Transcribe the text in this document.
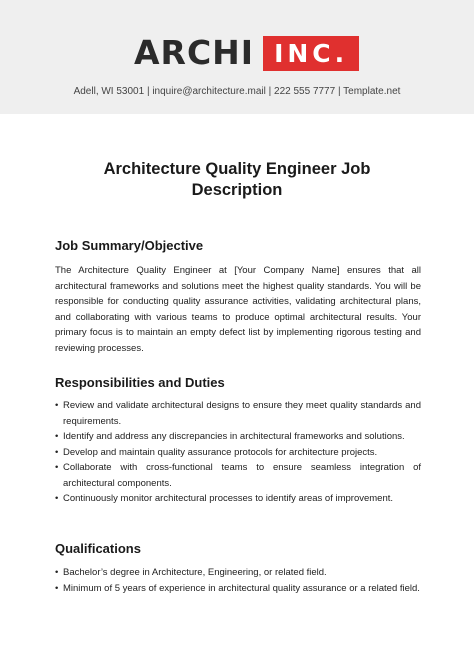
ARCHI INC.
Adell, WI 53001 | inquire@architecture.mail | 222 555 7777 | Template.net
Architecture Quality Engineer Job Description
Job Summary/Objective

The Architecture Quality Engineer at [Your Company Name] ensures that all architectural frameworks and solutions meet the highest quality standards. You will be responsible for conducting quality assurance activities, validating architectural plans, and collaborating with various teams to produce optimal architectural results. Your primary focus is to maintain an empty defect list by implementing rigorous testing and reviewing processes.

Responsibilities and Duties
• Review and validate architectural designs to ensure they meet quality standards and requirements.
• Identify and address any discrepancies in architectural frameworks and solutions.
• Develop and maintain quality assurance protocols for architecture projects.
• Collaborate with cross-functional teams to ensure seamless integration of architectural components.
• Continuously monitor architectural processes to identify areas of improvement.
Qualifications
• Bachelor’s degree in Architecture, Engineering, or related field.
• Minimum of 5 years of experience in architectural quality assurance or a related field.
